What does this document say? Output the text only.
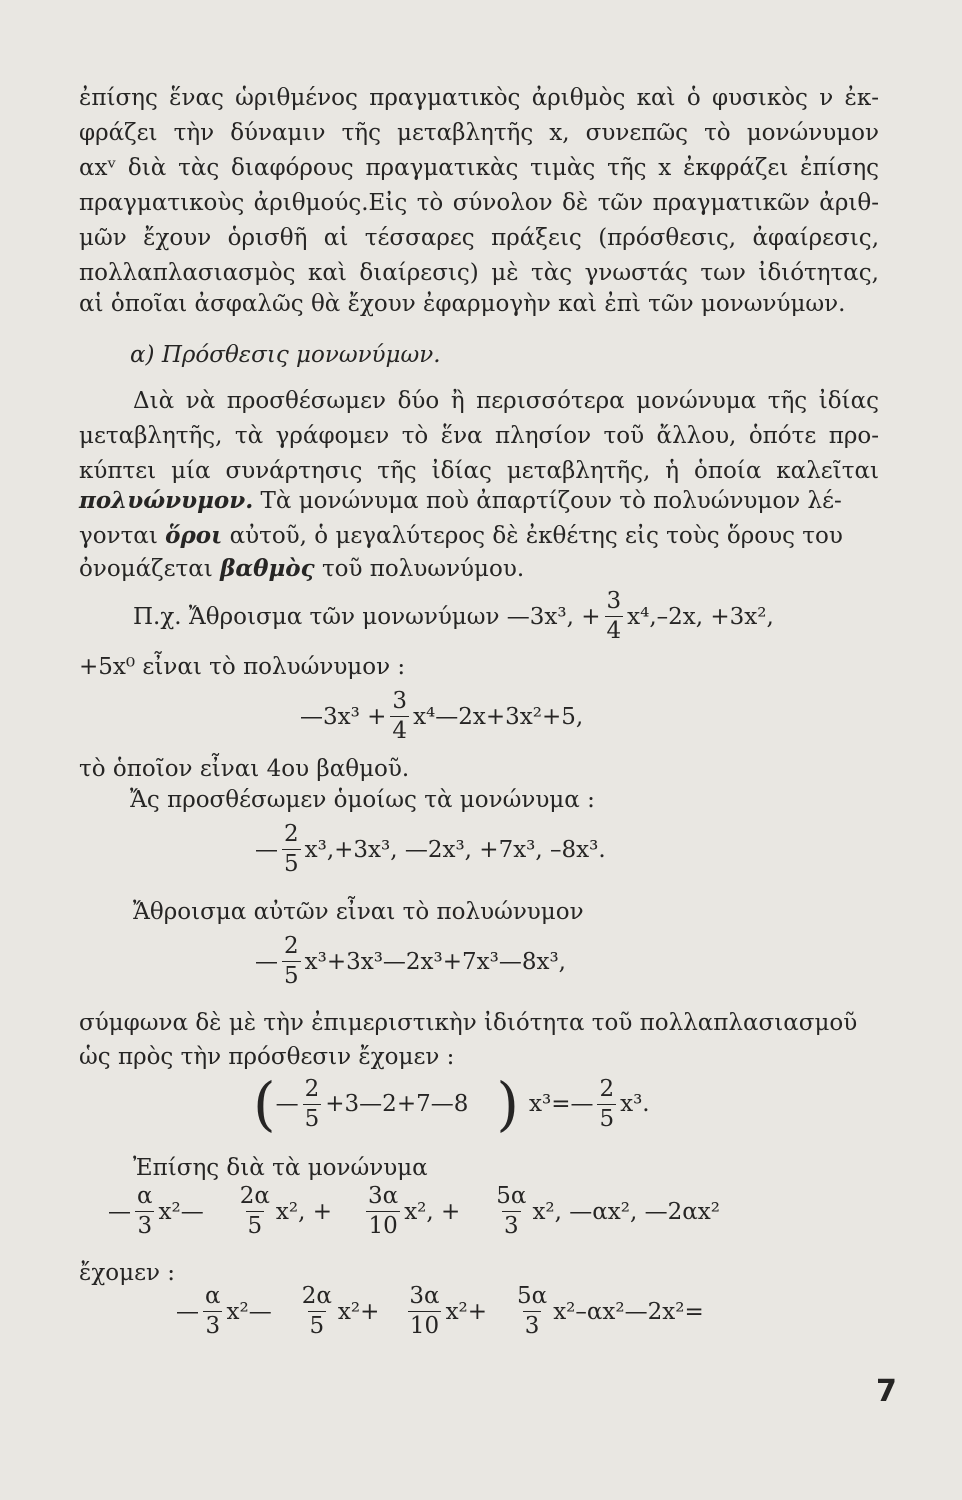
ἐπίσης ἕνας ὡριθμένος πραγματικὸς ἀριθμὸς καὶ ὁ φυσικὸς ν ἐκ-
φράζει τὴν δύναμιν τῆς μεταβλητῆς x, συνεπῶς τὸ μονώνυμον
αxᵛ διὰ τὰς διαφόρους πραγματικὰς τιμὰς τῆς x ἐκφράζει ἐπίσης
πραγματικοὺς ἀριθμούς.Εἰς τὸ σύνολον δὲ τῶν πραγματικῶν ἀριθ-
μῶν ἔχουν ὁρισθῆ αἱ τέσσαρες πράξεις (πρόσθεσις, ἀφαίρεσις,
πολλαπλασιασμὸς καὶ διαίρεσις) μὲ τὰς γνωστάς των ἰδιότητας,
αἱ ὁποῖαι ἀσφαλῶς θὰ ἔχουν ἐφαρμογὴν καὶ ἐπὶ τῶν μονωνύμων.
α) Πρόσθεσις μονωνύμων.
Διὰ νὰ προσθέσωμεν δύο ἢ περισσότερα μονώνυμα τῆς ἰδίας
μεταβλητῆς, τὰ γράφομεν τὸ ἕνα πλησίον τοῦ ἄλλου, ὁπότε προ-
κύπτει μία συνάρτησις τῆς ἰδίας μεταβλητῆς, ἡ ὁποία καλεῖται
πολυώνυμον. Τὰ μονώνυμα ποὺ ἀπαρτίζουν τὸ πολυώνυμον λέ-
γονται ὅροι αὐτοῦ, ὁ μεγαλύτερος δὲ ἐκθέτης εἰς τοὺς ὅρους του
ὀνομάζεται βαθμὸς τοῦ πολυωνύμου.
Π.χ. Ἄθροισμα τῶν μονωνύμων —3x³, + $\frac{3}{4} x^4,-2x$, +3x²,
+5x⁰ εἶναι τὸ πολυώνυμον :
—3x³ + $\frac{3}{4}$ x⁴—2x+3x²+5,
τὸ ὁποῖον εἶναι 4ου βαθμοῦ.
Ἄς προσθέσωμεν ὁμοίως τὰ μονώνυμα :
— $\frac{2}{5} x^3,+3x^3$, —2x³, +7x³, –8x³.
Ἄθροισμα αὐτῶν εἶναι τὸ πολυώνυμον
— $\frac{2}{5}$ x³+3x³—2x³+7x³—8x³,
σύμφωνα δὲ μὲ τὴν ἐπιμεριστικὴν ἰδιότητα τοῦ πολλαπλασιασμοῦ
ὡς πρὸς τὴν πρόσθεσιν ἔχομεν :
( — $\frac{2}{5}$ +3—2+7—8 ) x³=— $\frac{2}{5} x^3$.
Ἐπίσης διὰ τὰ μονώνυμα
— $\frac{\alpha}{3}$ x²— $\frac{2\alpha}{5} x^2$, + $\frac{3\alpha}{10} x^2$, + $\frac{5\alpha}{3} x^2$, —αx², —2αx²
ἔχομεν :
— $\frac{\alpha}{3}$ x²— $\frac{2\alpha}{5} x^2+ \frac{3\alpha}{10} x^2+ \frac{5\alpha}{3}$ x²–αx²—2x²=
7
